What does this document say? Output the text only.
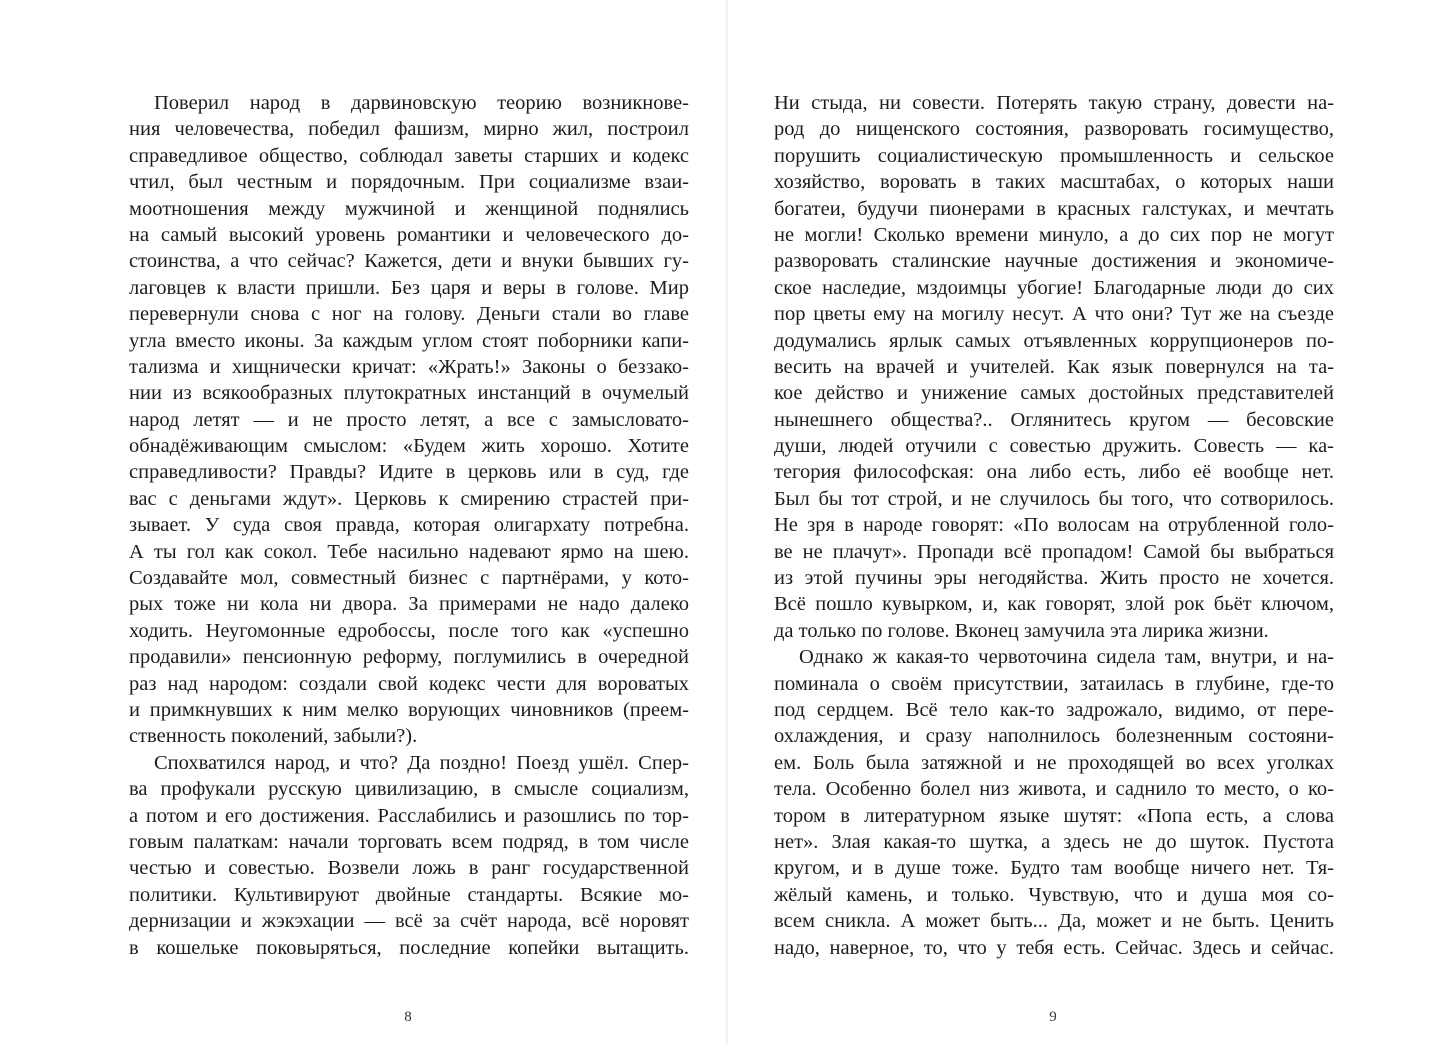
Поверил народ в дарвиновскую теорию возникнове-
ния человечества, победил фашизм, мирно жил, построил
справедливое общество, соблюдал заветы старших и кодекс
чтил, был честным и порядочным. При социализме взаи-
моотношения между мужчиной и женщиной поднялись
на самый высокий уровень романтики и человеческого до-
стоинства, а что сейчас? Кажется, дети и внуки бывших гу-
лаговцев к власти пришли. Без царя и веры в голове. Мир
перевернули снова с ног на голову. Деньги стали во главе
угла вместо иконы. За каждым углом стоят поборники капи-
тализма и хищнически кричат: «Жрать!» Законы о беззако-
нии из всякообразных плутократных инстанций в очумелый
народ летят — и не просто летят, а все с замысловато-
обнадёживающим смыслом: «Будем жить хорошо. Хотите
справедливости? Правды? Идите в церковь или в суд, где
вас с деньгами ждут». Церковь к смирению страстей при-
зывает. У суда своя правда, которая олигархату потребна.
А ты гол как сокол. Тебе насильно надевают ярмо на шею.
Создавайте мол, совместный бизнес с партнёрами, у кото-
рых тоже ни кола ни двора. За примерами не надо далеко
ходить. Неугомонные едробоссы, после того как «успешно
продавили» пенсионную реформу, поглумились в очередной
раз над народом: создали свой кодекс чести для вороватых
и примкнувших к ним мелко ворующих чиновников (преем-
ственность поколений, забыли?).
Спохватился народ, и что? Да поздно! Поезд ушёл. Спер-
ва профукали русскую цивилизацию, в смысле социализм,
а потом и его достижения. Расслабились и разошлись по тор-
говым палаткам: начали торговать всем подряд, в том числе
честью и совестью. Возвели ложь в ранг государственной
политики. Культивируют двойные стандарты. Всякие мо-
дернизации и жэкэхации — всё за счёт народа, всё норовят
в кошельке поковыряться, последние копейки вытащить.
Ни стыда, ни совести. Потерять такую страну, довести на-
род до нищенского состояния, разворовать госимущество,
порушить социалистическую промышленность и сельское
хозяйство, воровать в таких масштабах, о которых наши
богатеи, будучи пионерами в красных галстуках, и мечтать
не могли! Сколько времени минуло, а до сих пор не могут
разворовать сталинские научные достижения и экономиче-
ское наследие, мздоимцы убогие! Благодарные люди до сих
пор цветы ему на могилу несут. А что они? Тут же на съезде
додумались ярлык самых отъявленных коррупционеров по-
весить на врачей и учителей. Как язык повернулся на та-
кое действо и унижение самых достойных представителей
нынешнего общества?.. Оглянитесь кругом — бесовские
души, людей отучили с совестью дружить. Совесть — ка-
тегория философская: она либо есть, либо её вообще нет.
Был бы тот строй, и не случилось бы того, что сотворилось.
Не зря в народе говорят: «По волосам на отрубленной голо-
ве не плачут». Пропади всё пропадом! Самой бы выбраться
из этой пучины эры негодяйства. Жить просто не хочется.
Всё пошло кувырком, и, как говорят, злой рок бьёт ключом,
да только по голове. Вконец замучила эта лирика жизни.
Однако ж какая-то червоточина сидела там, внутри, и на-
поминала о своём присутствии, затаилась в глубине, где-то
под сердцем. Всё тело как-то задрожало, видимо, от пере-
охлаждения, и сразу наполнилось болезненным состояни-
ем. Боль была затяжной и не проходящей во всех уголках
тела. Особенно болел низ живота, и саднило то место, о ко-
тором в литературном языке шутят: «Попа есть, а слова
нет». Злая какая-то шутка, а здесь не до шуток. Пустота
кругом, и в душе тоже. Будто там вообще ничего нет. Тя-
жёлый камень, и только. Чувствую, что и душа моя со-
всем сникла. А может быть... Да, может и не быть. Ценить
надо, наверное, то, что у тебя есть. Сейчас. Здесь и сейчас.
8	9
